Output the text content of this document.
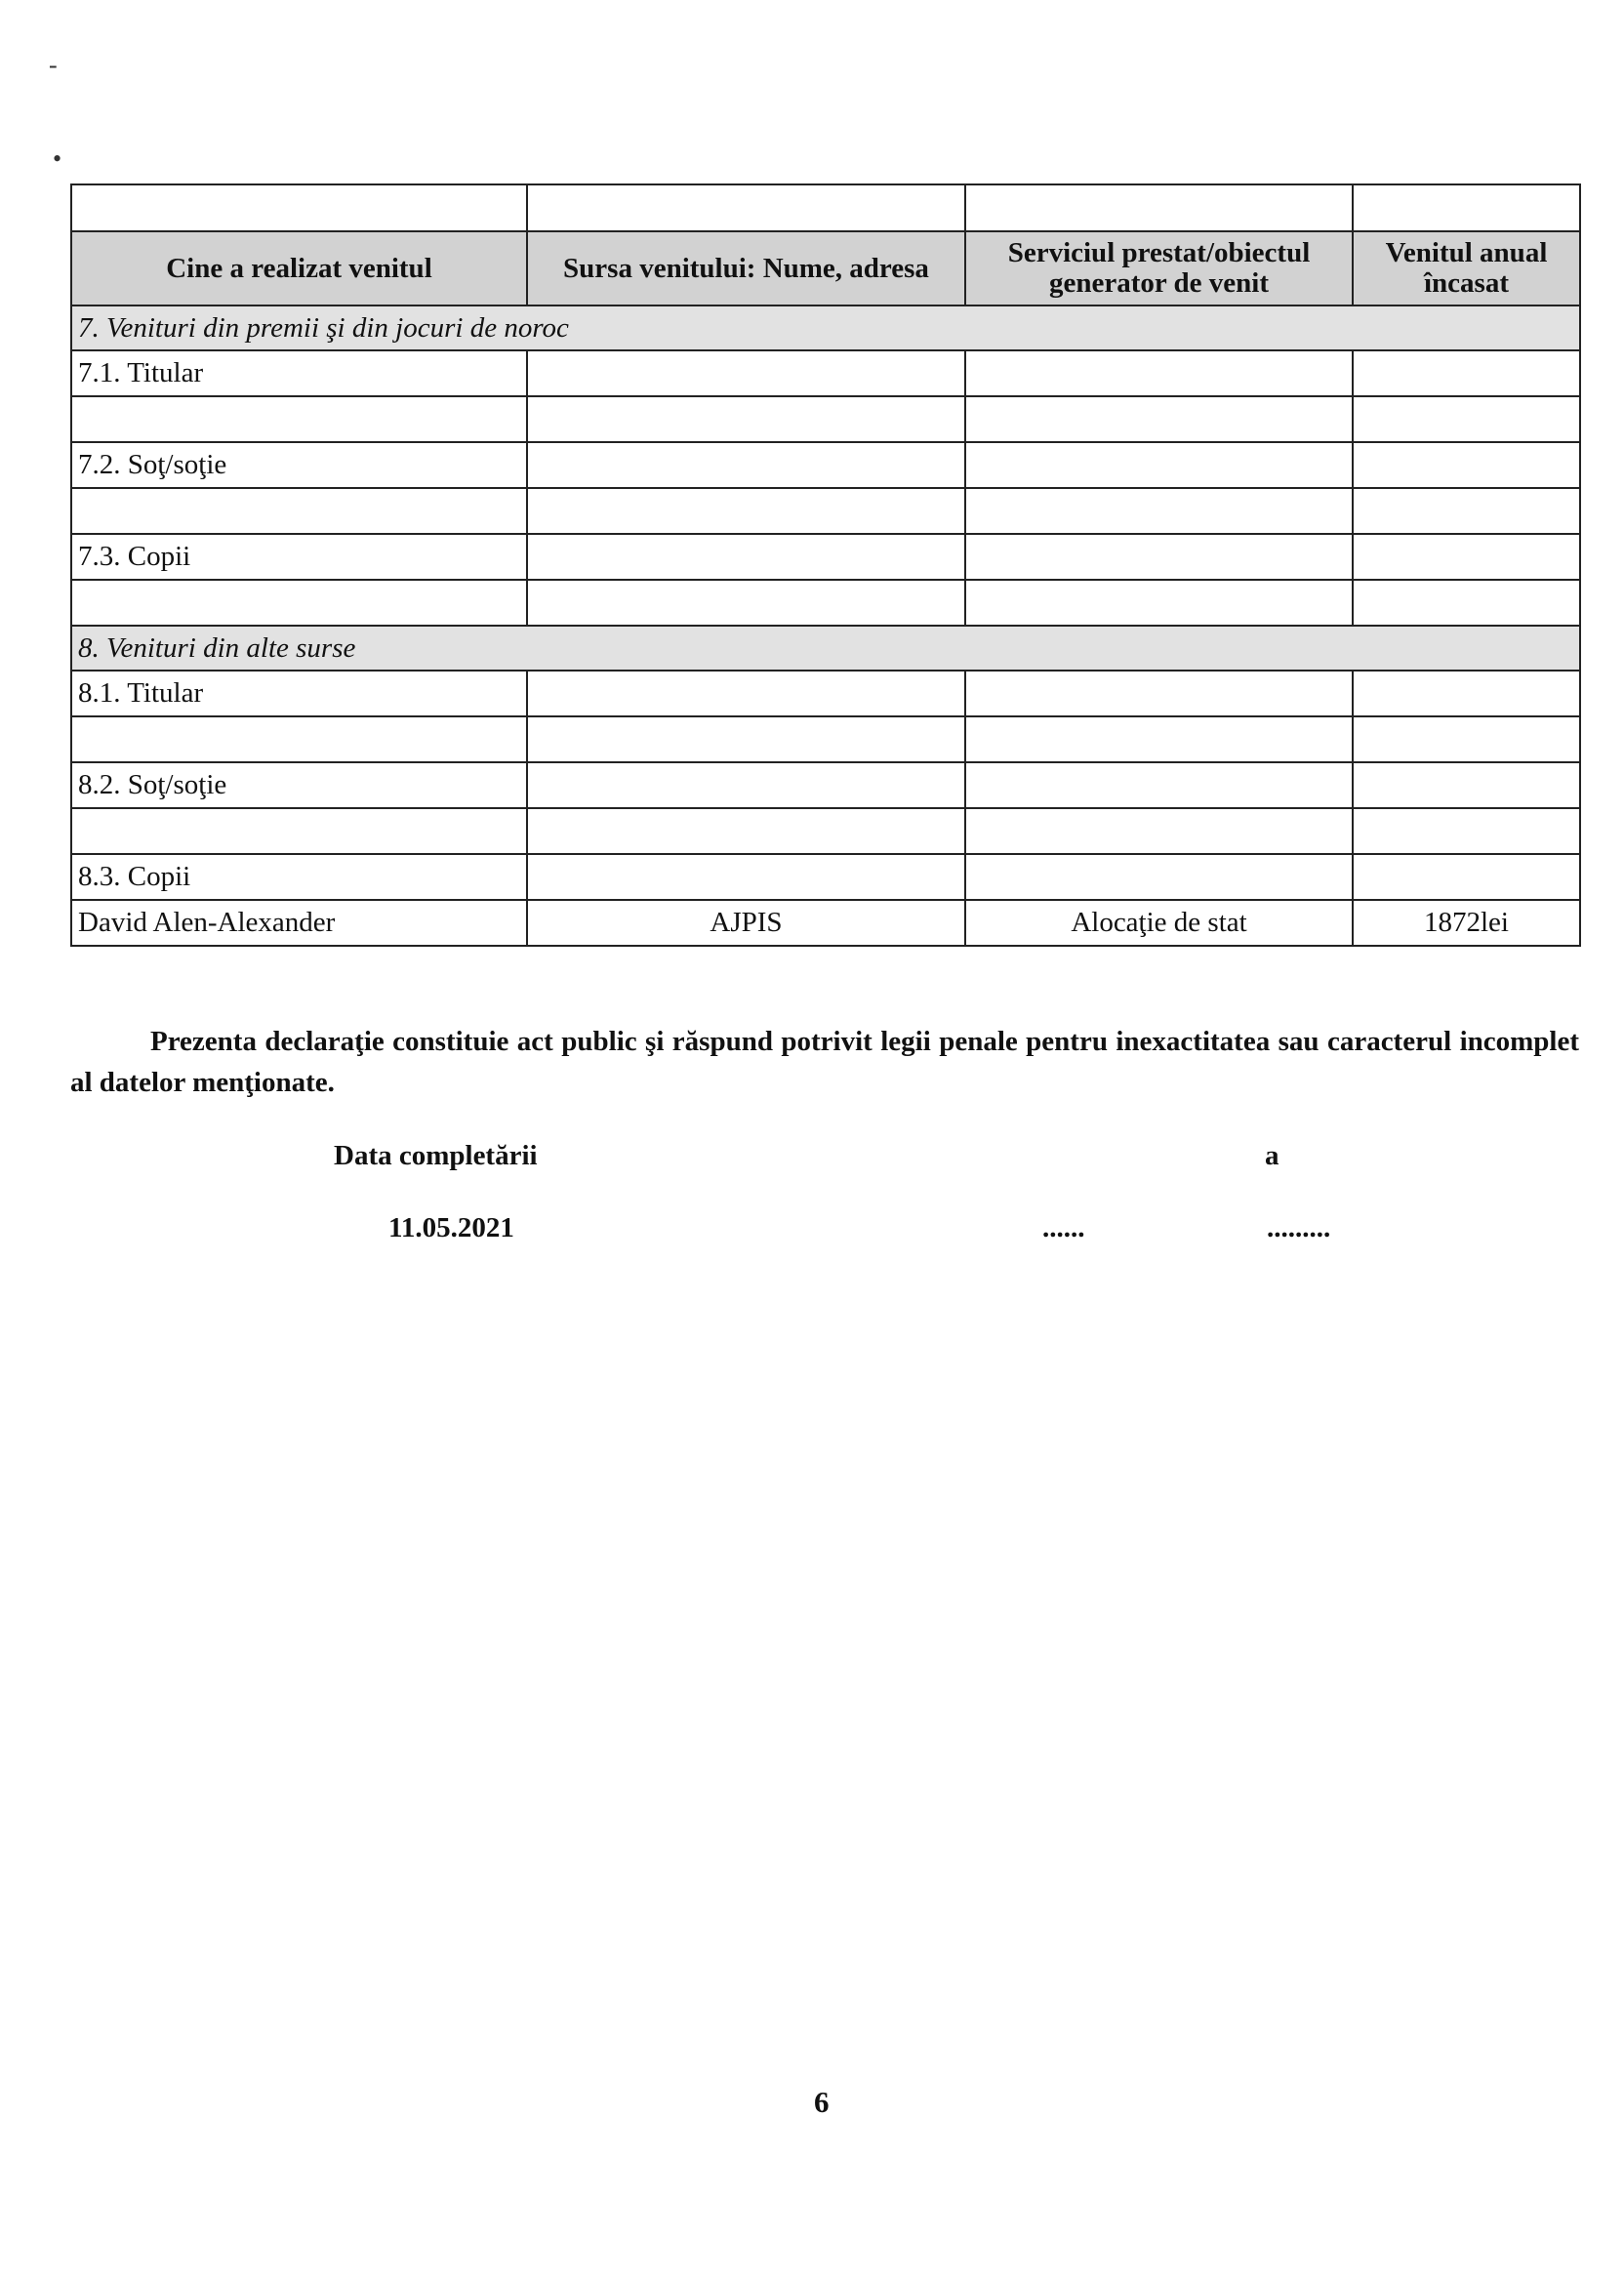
-
•

Cine a realizat venitul	Sursa venitului: Nume, adresa	Serviciul prestat/obiectul generator de venit	Venitul anual încasat
7. Venituri din premii şi din jocuri de noroc			
7.1. Titular			

7.2. Soţ/soţie			

7.3. Copii			

8. Venituri din alte surse			
8.1. Titular			

8.2. Soţ/soţie			

8.3. Copii			
David Alen-Alexander	AJPIS	Alocaţie de stat	1872lei

Prezenta declaraţie constituie act public şi răspund potrivit legii penale pentru inexactitatea sau caracterul incomplet al datelor menţionate.

Data completării	a
11.05.2021	......	.........
6
